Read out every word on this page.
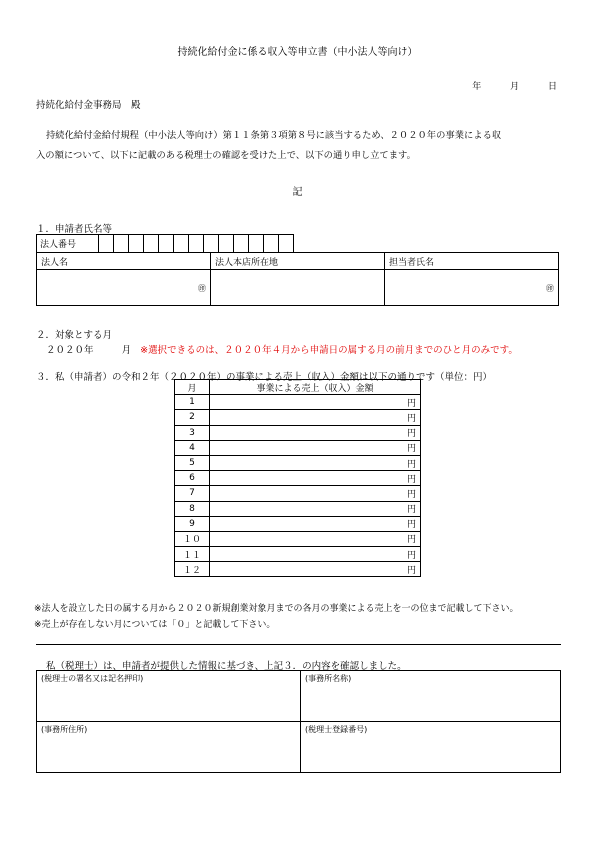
持続化給付金に係る収入等申立書（中小法人等向け）
年	月	日
持続化給付金事務局　殿
持続化給付金給付規程（中小法人等向け）第１１条第３項第８号に該当するため、２０２０年の事業による収
入の額について、以下に記載のある税理士の確認を受けた上で、以下の通り申し立てます。
記
１．申請者氏名等
法人番号													
法人名	法人本店所在地	担当者氏名

㊞		㊞
２．対象とする月
２０２０年	月 ※選択できるのは、２０２０年４月から申請日の属する月の前月までのひと月のみです。
３．私（申請者）の令和２年（２０２０年）の事業による売上（収入）金額は以下の通りです（単位：円）
月	事業による売上（収入）金額
1	円
2	円
3	円
4	円
5	円
6	円
7	円
8	円
9	円
１０	円
１１	円
１２	円
※法人を設立した日の属する月から２０２０新規創業対象月までの各月の事業による売上を一の位まで記載して下さい。
※売上が存在しない月については「０」と記載して下さい。
私（税理士）は、申請者が提供した情報に基づき、上記３．の内容を確認しました。
(税理士の署名又は記名押印)	(事務所名称)
(事務所住所)	(税理士登録番号)
